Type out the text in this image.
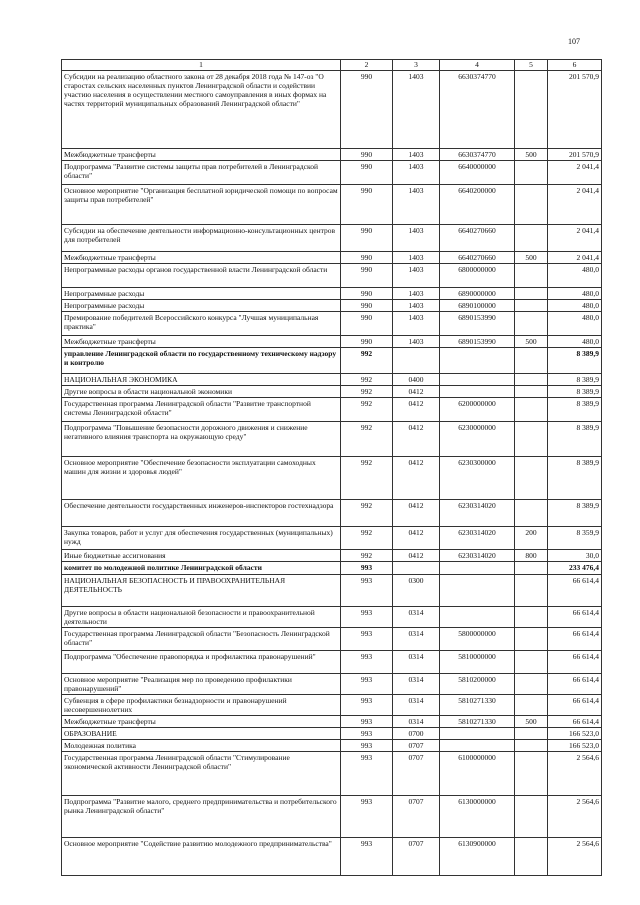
107
1	2	3	4	5	6
Субсидии на реализацию областного закона от 28 декабря 2018 года № 147-оз "О старостах сельских населенных пунктов Ленинградской области и содействии участию населения в осуществлении местного самоуправления в иных формах на частях территорий муниципальных образований Ленинградской области"	990	1403	6630374770		201 570,9
Межбюджетные трансферты	990	1403	6630374770	500	201 570,9
Подпрограмма "Развитие системы защиты прав потребителей в Ленинградской области"	990	1403	6640000000		2 041,4
Основное мероприятие "Организация бесплатной юридической помощи по вопросам защиты прав потребителей"	990	1403	6640200000		2 041,4
Субсидии на обеспечение деятельности информационно-консультационных центров для потребителей	990	1403	6640270660		2 041,4
Межбюджетные трансферты	990	1403	6640270660	500	2 041,4
Непрограммные расходы органов государственной власти Ленинградской области	990	1403	6800000000		480,0
Непрограммные расходы	990	1403	6890000000		480,0
Непрограммные расходы	990	1403	6890100000		480,0
Премирование победителей Всероссийского конкурса "Лучшая муниципальная практика"	990	1403	6890153990		480,0
Межбюджетные трансферты	990	1403	6890153990	500	480,0
управление Ленинградской области по государственному техническому надзору и контролю	992				8 389,9
НАЦИОНАЛЬНАЯ ЭКОНОМИКА	992	0400			8 389,9
Другие вопросы в области национальной экономики	992	0412			8 389,9
Государственная программа Ленинградской области "Развитие транспортной системы Ленинградской области"	992	0412	6200000000		8 389,9
Подпрограмма "Повышение безопасности дорожного движения и снижение негативного влияния транспорта на окружающую среду"	992	0412	6230000000		8 389,9
Основное мероприятие "Обеспечение безопасности эксплуатации самоходных машин для жизни и здоровья людей"	992	0412	6230300000		8 389,9
Обеспечение деятельности государственных инженеров-инспекторов гостехнадзора	992	0412	6230314020		8 389,9
Закупка товаров, работ и услуг для обеспечения государственных (муниципальных) нужд	992	0412	6230314020	200	8 359,9
Иные бюджетные ассигнования	992	0412	6230314020	800	30,0
комитет по молодежной политике Ленинградской области	993				233 476,4
НАЦИОНАЛЬНАЯ БЕЗОПАСНОСТЬ И ПРАВООХРАНИТЕЛЬНАЯ ДЕЯТЕЛЬНОСТЬ	993	0300			66 614,4
Другие вопросы в области национальной безопасности и правоохранительной деятельности	993	0314			66 614,4
Государственная программа Ленинградской области "Безопасность Ленинградской области"	993	0314	5800000000		66 614,4
Подпрограмма "Обеспечение правопорядка и профилактика правонарушений"	993	0314	5810000000		66 614,4
Основное мероприятие "Реализация мер по проведению профилактики правонарушений"	993	0314	5810200000		66 614,4
Субвенция в сфере профилактики безнадзорности и правонарушений несовершеннолетних	993	0314	5810271330		66 614,4
Межбюджетные трансферты	993	0314	5810271330	500	66 614,4
ОБРАЗОВАНИЕ	993	0700			166 523,0
Молодежная политика	993	0707			166 523,0
Государственная программа Ленинградской области "Стимулирование экономической активности Ленинградской области"	993	0707	6100000000		2 564,6
Подпрограмма "Развитие малого, среднего предпринимательства и потребительского рынка Ленинградской области"	993	0707	6130000000		2 564,6
Основное мероприятие "Содействие развитию молодежного предпринимательства"	993	0707	6130900000		2 564,6
